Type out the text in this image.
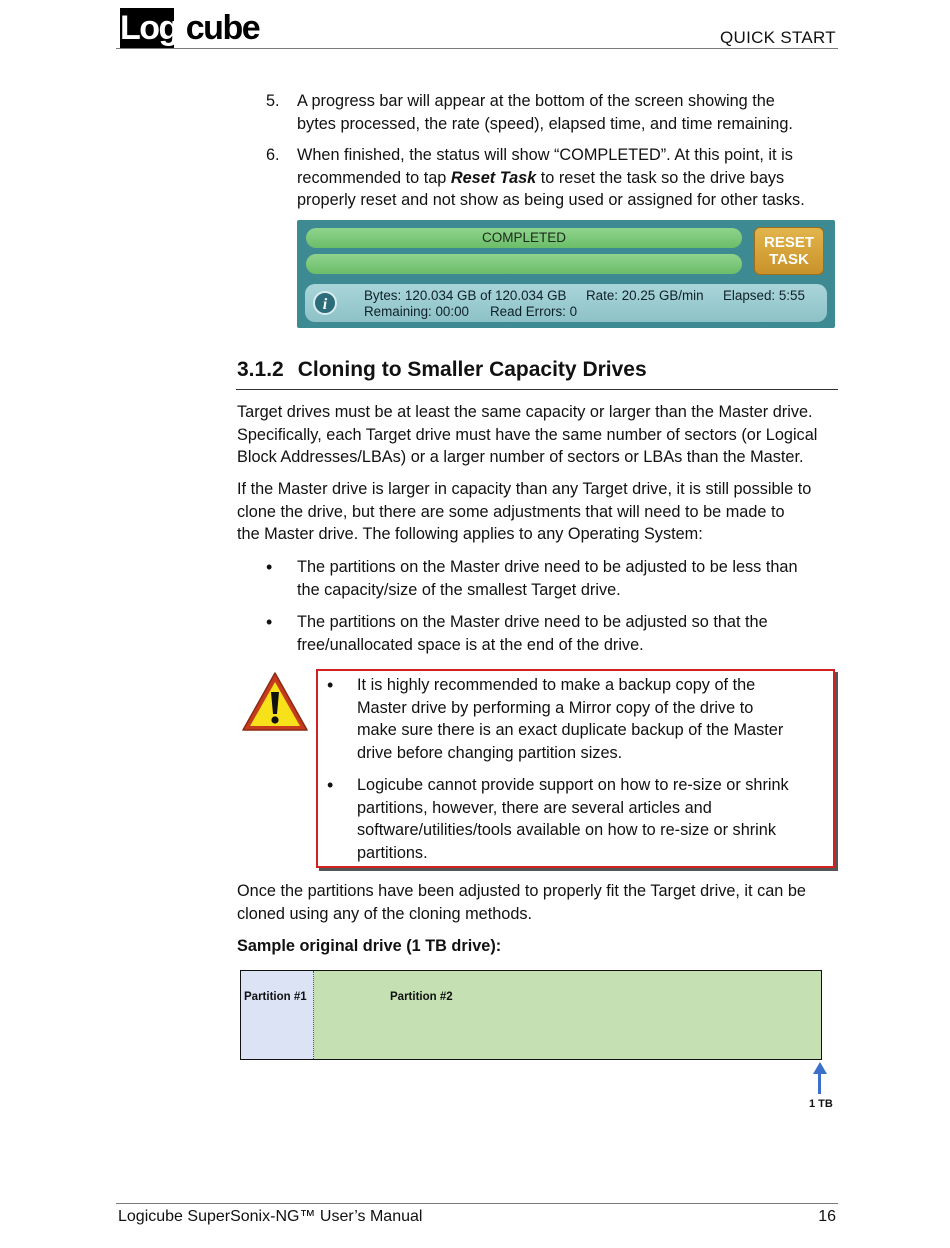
Logicube	QUICK START
5.	A progress bar will appear at the bottom of the screen showing the
bytes processed, the rate (speed), elapsed time, and time remaining.
6.	When finished, the status will show “COMPLETED”. At this point, it is
recommended to tap Reset Task to reset the task so the drive bays
properly reset and not show as being used or assigned for other tasks.
COMPLETED	RESET
TASK
i
Bytes: 120.034 GB of 120.034 GB Rate: 20.25 GB/min Elapsed: 5:55
Remaining: 00:00 Read Errors: 0
3.1.2 Cloning to Smaller Capacity Drives
Target drives must be at least the same capacity or larger than the Master drive.
Specifically, each Target drive must have the same number of sectors (or Logical
Block Addresses/LBAs) or a larger number of sectors or LBAs than the Master.
If the Master drive is larger in capacity than any Target drive, it is still possible to
clone the drive, but there are some adjustments that will need to be made to
the Master drive. The following applies to any Operating System:
•	The partitions on the Master drive need to be adjusted to be less than
the capacity/size of the smallest Target drive.
•	The partitions on the Master drive need to be adjusted so that the
free/unallocated space is at the end of the drive.
•	It is highly recommended to make a backup copy of the
Master drive by performing a Mirror copy of the drive to
make sure there is an exact duplicate backup of the Master
drive before changing partition sizes.
•	Logicube cannot provide support on how to re-size or shrink
partitions, however, there are several articles and
software/utilities/tools available on how to re-size or shrink
partitions.
Once the partitions have been adjusted to properly fit the Target drive, it can be
cloned using any of the cloning methods.
Sample original drive (1 TB drive):
Partition #1	Partition #2
1 TB
Logicube SuperSonix-NG™ User’s Manual	16
